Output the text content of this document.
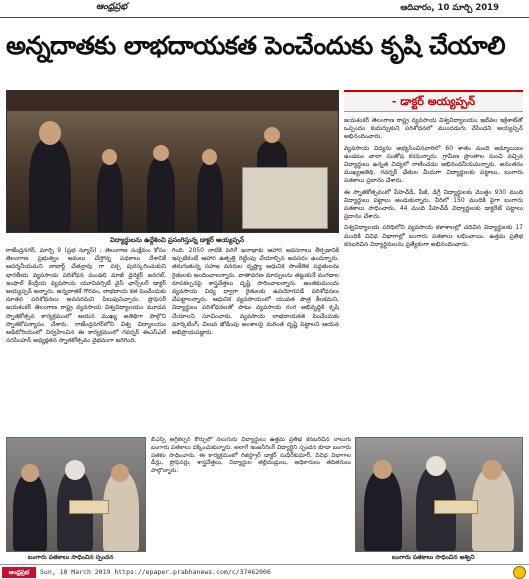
ఆంధ్రప్రభ	ఆదివారం, 10 మార్చి 2019
అన్నదాతకు లాభదాయకత పెంచేందుకు కృషి చేయాలి
విద్యార్థులను ఉద్దేశించి ప్రసంగిస్తున్న డాక్టర్ అయ్యప్పన్
- డాక్టర్ అయ్యప్పన్

రాజేంద్రనగర్, మార్చి 9 (ప్రభ న్యూస్) : తెలంగాణ సంక్షేమం కోసం తెలంగాణ ప్రభుత్వం అమలు చేస్తోన్న పథకాలు దేశానికే ఆదర్శనీయమని నాబార్డ్ చేతన్రావు గా వర్చ పురస్కరించుకుని భారతీయ వ్యవసాయ పరిశోధన మండలి మాజీ డైరెక్టర్ జనరల్, ఇంఫాల్ కేంద్రీయ వ్యవసాయ యూనివర్సిటీ వైస్ ఛాన్స్‌లర్ డాక్టర్ అయ్యప్పన్ అన్నారు. అన్నదాతకే గౌరవం, లాభదాయ కత పెంచేందుకు నూతన పరిశోధనలు అవసరమని పిలుపునిచ్చారు. ప్రొఫెసర్ జయశంకర్ తెలంగాణ రాష్ట్ర వ్యవసాయ విశ్వవిద్యాలయం మూడవ స్నాతకోత్సవ కార్యక్రమంలో ఆయన ముఖ్య అతిథిగా పాల్గొని స్నాతకోపన్యాసం చేశారు. రాజేంద్రనగర్‌లోని విశ్వ విద్యాలయం ఆడిటోరియంలో నిర్వహించిన ఈ కార్యక్రమంలో గవర్నర్ ఈఎస్ఎల్ నరసింహన్ అధ్యక్షతన స్నాతకోత్సవం వైభవంగా జరిగింది.

గింది. 2050 నాటికి పెరిగే జనాభాకు ఆహార అవసరాలు తీర్చడానికి ఇప్పటికంటే ఆహార ఉత్పత్తి రెట్టింపు చేయాల్సిన అవసరం ఉందన్నారు. తరుగుతున్న సహజ వనరుల దృష్ట్యా ఆధునిక సాంకేతిక పద్ధతులను రైతులకు అందించాలన్నారు. వాతావరణ మార్పులను తట్టుకునే వంగడాల రూపకల్పనపై శాస్త్రవేత్తలు దృష్టి సారించాలన్నారు. అంతకుముందు వ్యవసాయ విద్య ద్వారా రైతులకు ఉపయోగపడే పరిశోధనలు చేపట్టాలన్నారు. ఆధునిక వ్యవసాయంలో యువత పాత్ర కీలకమని, విద్యార్థులు పరిశోధనలతో పాటు వ్యవసాయ రంగ అభివృద్ధికి కృషి చేయాలని సూచించారు. వ్యవసాయ లాభదాయకత పెంచేందుకు మార్కెటింగ్, విలువ జోడింపు అంశాలపై మరింత దృష్టి పెట్టాలని ఆయన అభిప్రాయపడ్డారు.

జయశంకర్ తెలంగాణ రాష్ట్ర వ్యవసాయ విశ్వవిద్యాలయం ఇటీవల ఇక్రిశాట్‌తో ఒప్పందం కుదుర్చుకుని పరిశోధనలో ముందడుగు వేసిందని అయ్యప్పన్ అభినందించారు.

వ్యవసాయ విద్యను అభ్యసించినవారిలో 60 శాతం మంది అమ్మాయిలు ఉండటం చాలా సంతోష కరమన్నారు. గ్రామీణ ప్రాంతాల నుంచి వచ్చిన విద్యార్థులు ఉన్నత విద్యలో రాణించడం అభినందనీయమన్నారు. అనంతరం ముఖ్యఅతిథి, గవర్నర్ చేతుల మీదుగా విద్యార్థులకు పట్టాలు, బంగారు పతకాలు ప్రదానం చేశారు.

ఈ స్నాతకోత్సవంలో పీహెచ్‌డీ, పీజీ, డిగ్రీ విద్యార్థులకు మొత్తం 930 మంది విద్యార్థులు పట్టాలు అందుకున్నారు. వీరిలో 150 మందికి పైగా బంగారు పతకాలు సాధించారు. 44 మంది పీహెచ్‌డీ విద్యార్థులకు డాక్టరేట్ పట్టాలు ప్రదానం చేశారు.

విశ్వవిద్యాలయ పరిధిలోని వ్యవసాయ కళాశాలల్లో చదివిన విద్యార్థులకు 17 మందికి వివిధ విభాగాల్లో బంగారు పతకాలు లభించాయి. ఉత్తమ ప్రతిభ కనబరిచిన విద్యార్థినులను ప్రత్యేకంగా అభినందించారు.

బీఎస్సీ అగ్రికల్చర్ కోర్సులో నలుగురు విద్యార్థులు ఉత్తమ ప్రతిభ కనబరిచిన నాలుగు బంగారు పతకాలు దక్కించుకున్నారు. అలాగే ఇంజనీరింగ్ విద్యార్థిని స్పందన కూడా బంగారు పతకం సాధించారు. ఈ కార్యక్రమంలో రిజిస్ట్రార్ డాక్టర్ సుధీర్‌కుమార్, వివిధ విభాగాల డీన్లు, ప్రొఫెసర్లు, శాస్త్రవేత్తలు, విద్యార్థుల తల్లిదండ్రులు, అధికారులు తదితరులు పాల్గొన్నారు.

బంగారు పతకాలు సాధించిన స్పందన	బంగారు పతకాలు సాధించిన అశ్విని
ఆంధ్రప్రభ	Sun, 10 March 2019 https://epaper.prabhanews.com/c/37462006
